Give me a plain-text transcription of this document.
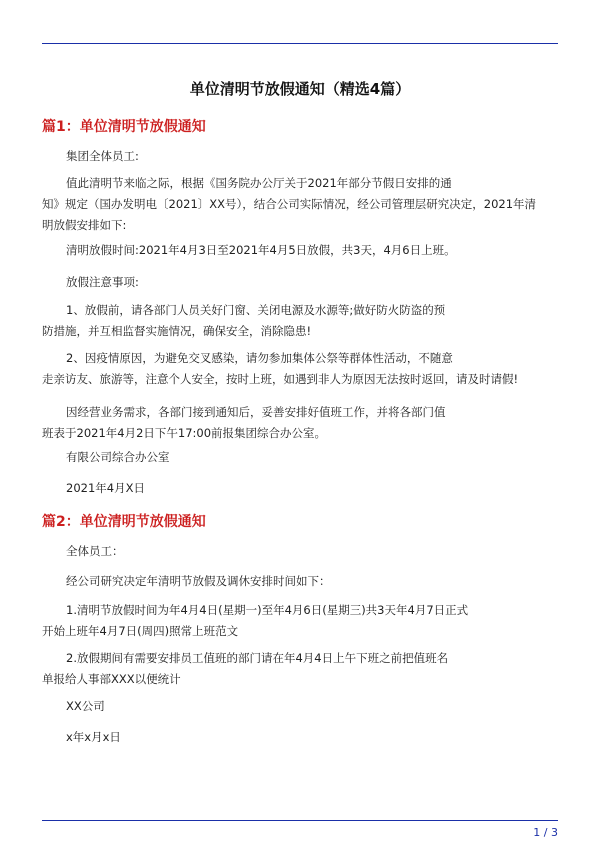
单位清明节放假通知（精选4篇）
篇1：单位清明节放假通知
集团全体员工:
值此清明节来临之际，根据《国务院办公厅关于2021年部分节假日安排的通
知》规定（国办发明电〔2021〕XX号），结合公司实际情况，经公司管理层研究决定，2021年清
明放假安排如下:
清明放假时间:2021年4月3日至2021年4月5日放假，共3天，4月6日上班。
放假注意事项:
1、放假前，请各部门人员关好门窗、关闭电源及水源等;做好防火防盗的预
防措施，并互相监督实施情况，确保安全，消除隐患!
2、因疫情原因，为避免交叉感染，请勿参加集体公祭等群体性活动，不随意
走亲访友、旅游等，注意个人安全，按时上班，如遇到非人为原因无法按时返回，请及时请假!
因经营业务需求，各部门接到通知后，妥善安排好值班工作，并将各部门值
班表于2021年4月2日下午17:00前报集团综合办公室。
有限公司综合办公室
2021年4月X日
篇2：单位清明节放假通知
全体员工：
经公司研究决定年清明节放假及调休安排时间如下：
1.清明节放假时间为年4月4日(星期一)至年4月6日(星期三)共3天年4月7日正式
开始上班年4月7日(周四)照常上班范文
2.放假期间有需要安排员工值班的部门请在年4月4日上午下班之前把值班名
单报给人事部XXX以便统计
XX公司
x年x月x日
1 / 3
